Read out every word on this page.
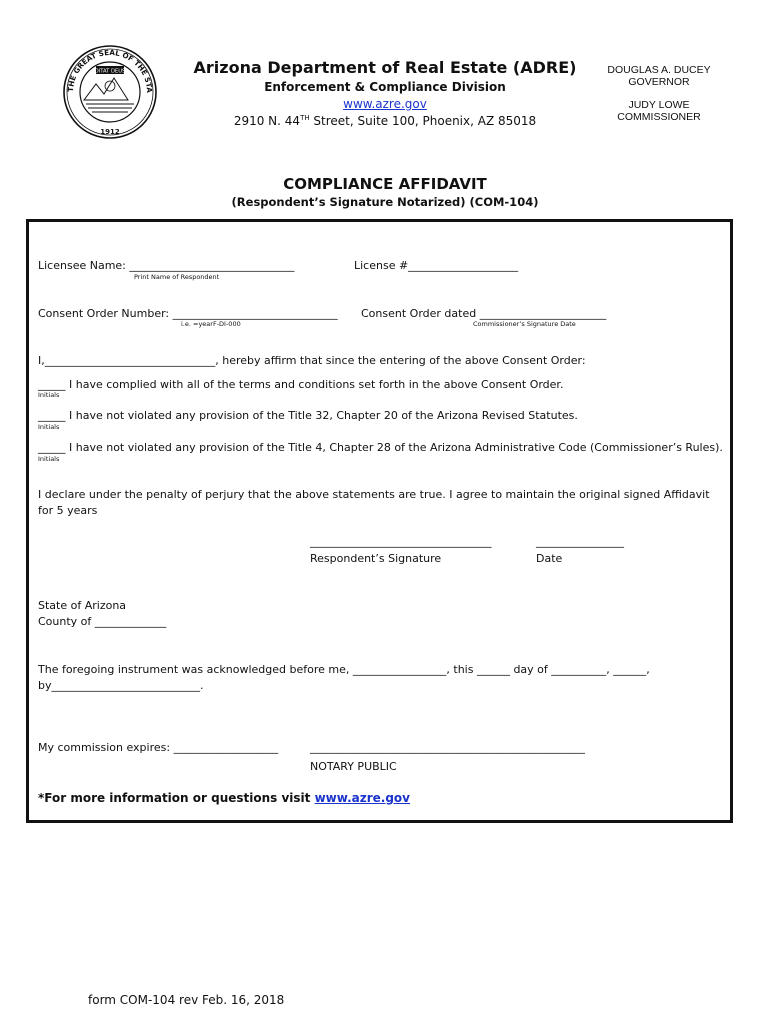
THE GREAT SEAL OF THE STA
DITAT DEUS
1912
Arizona Department of Real Estate (ADRE)
Enforcement & Compliance Division
www.azre.gov
2910 N. 44TH Street, Suite 100, Phoenix, AZ 85018
DOUGLAS A. DUCEY
GOVERNOR
JUDY LOWE
COMMISSIONER
COMPLIANCE AFFIDAVIT
(Respondent’s Signature Notarized) (COM-104)
Licensee Name: ______________________________
Print Name of Respondent
License #____________________
Consent Order Number: ______________________________
i.e. =yearF-DI-000
Consent Order dated _______________________
Commissioner’s Signature Date
I,_______________________________, hereby affirm that since the entering of the above Consent Order:
_____ I have complied with all of the terms and conditions set forth in the above Consent Order.
Initials
_____ I have not violated any provision of the Title 32, Chapter 20 of the Arizona Revised Statutes.
Initials
_____ I have not violated any provision of the Title 4, Chapter 28 of the Arizona Administrative Code (Commissioner’s Rules).
Initials
I declare under the penalty of perjury that the above statements are true. I agree to maintain the original signed Affidavit
for 5 years
_________________________________
Respondent’s Signature
________________
Date
State of Arizona
County of _____________
The foregoing instrument was acknowledged before me, _________________, this ______ day of __________, ______,
by___________________________.
My commission expires: ___________________	__________________________________________________
NOTARY PUBLIC
*For more information or questions visit www.azre.gov
form COM-104 rev Feb. 16, 2018
